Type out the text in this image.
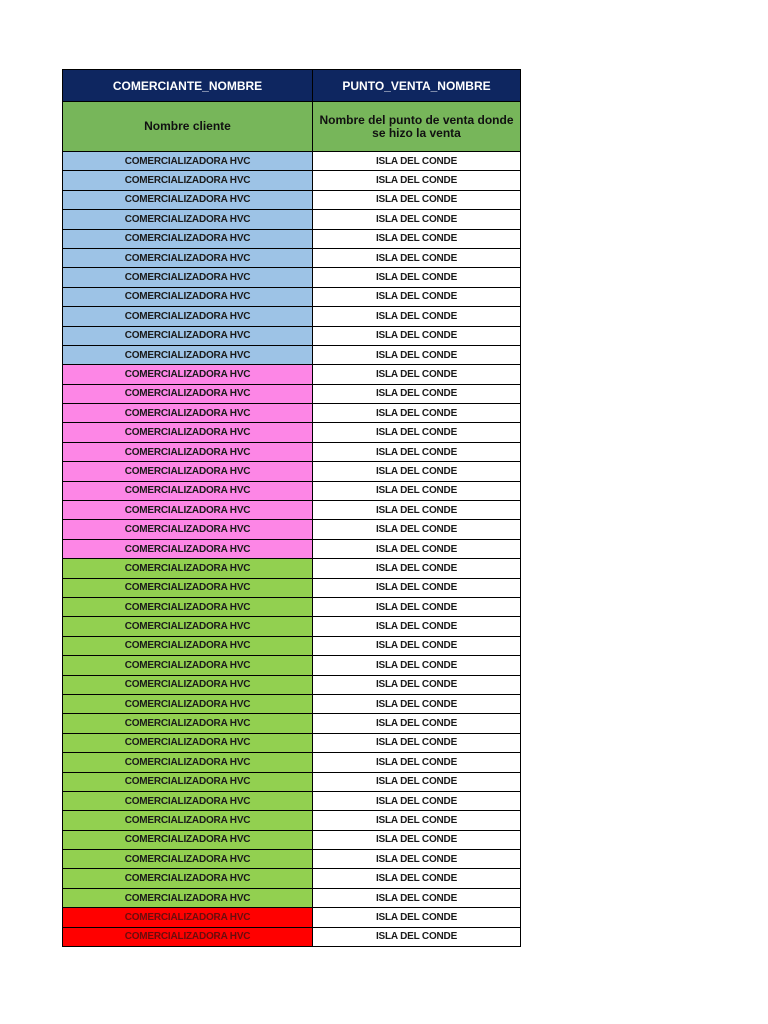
COMERCIANTE_NOMBRE	PUNTO_VENTA_NOMBRE
Nombre cliente	Nombre del punto de venta donde se hizo la venta
COMERCIALIZADORA HVC	ISLA DEL CONDE
COMERCIALIZADORA HVC	ISLA DEL CONDE
COMERCIALIZADORA HVC	ISLA DEL CONDE
COMERCIALIZADORA HVC	ISLA DEL CONDE
COMERCIALIZADORA HVC	ISLA DEL CONDE
COMERCIALIZADORA HVC	ISLA DEL CONDE
COMERCIALIZADORA HVC	ISLA DEL CONDE
COMERCIALIZADORA HVC	ISLA DEL CONDE
COMERCIALIZADORA HVC	ISLA DEL CONDE
COMERCIALIZADORA HVC	ISLA DEL CONDE
COMERCIALIZADORA HVC	ISLA DEL CONDE
COMERCIALIZADORA HVC	ISLA DEL CONDE
COMERCIALIZADORA HVC	ISLA DEL CONDE
COMERCIALIZADORA HVC	ISLA DEL CONDE
COMERCIALIZADORA HVC	ISLA DEL CONDE
COMERCIALIZADORA HVC	ISLA DEL CONDE
COMERCIALIZADORA HVC	ISLA DEL CONDE
COMERCIALIZADORA HVC	ISLA DEL CONDE
COMERCIALIZADORA HVC	ISLA DEL CONDE
COMERCIALIZADORA HVC	ISLA DEL CONDE
COMERCIALIZADORA HVC	ISLA DEL CONDE
COMERCIALIZADORA HVC	ISLA DEL CONDE
COMERCIALIZADORA HVC	ISLA DEL CONDE
COMERCIALIZADORA HVC	ISLA DEL CONDE
COMERCIALIZADORA HVC	ISLA DEL CONDE
COMERCIALIZADORA HVC	ISLA DEL CONDE
COMERCIALIZADORA HVC	ISLA DEL CONDE
COMERCIALIZADORA HVC	ISLA DEL CONDE
COMERCIALIZADORA HVC	ISLA DEL CONDE
COMERCIALIZADORA HVC	ISLA DEL CONDE
COMERCIALIZADORA HVC	ISLA DEL CONDE
COMERCIALIZADORA HVC	ISLA DEL CONDE
COMERCIALIZADORA HVC	ISLA DEL CONDE
COMERCIALIZADORA HVC	ISLA DEL CONDE
COMERCIALIZADORA HVC	ISLA DEL CONDE
COMERCIALIZADORA HVC	ISLA DEL CONDE
COMERCIALIZADORA HVC	ISLA DEL CONDE
COMERCIALIZADORA HVC	ISLA DEL CONDE
COMERCIALIZADORA HVC	ISLA DEL CONDE
COMERCIALIZADORA HVC	ISLA DEL CONDE
COMERCIALIZADORA HVC	ISLA DEL CONDE
